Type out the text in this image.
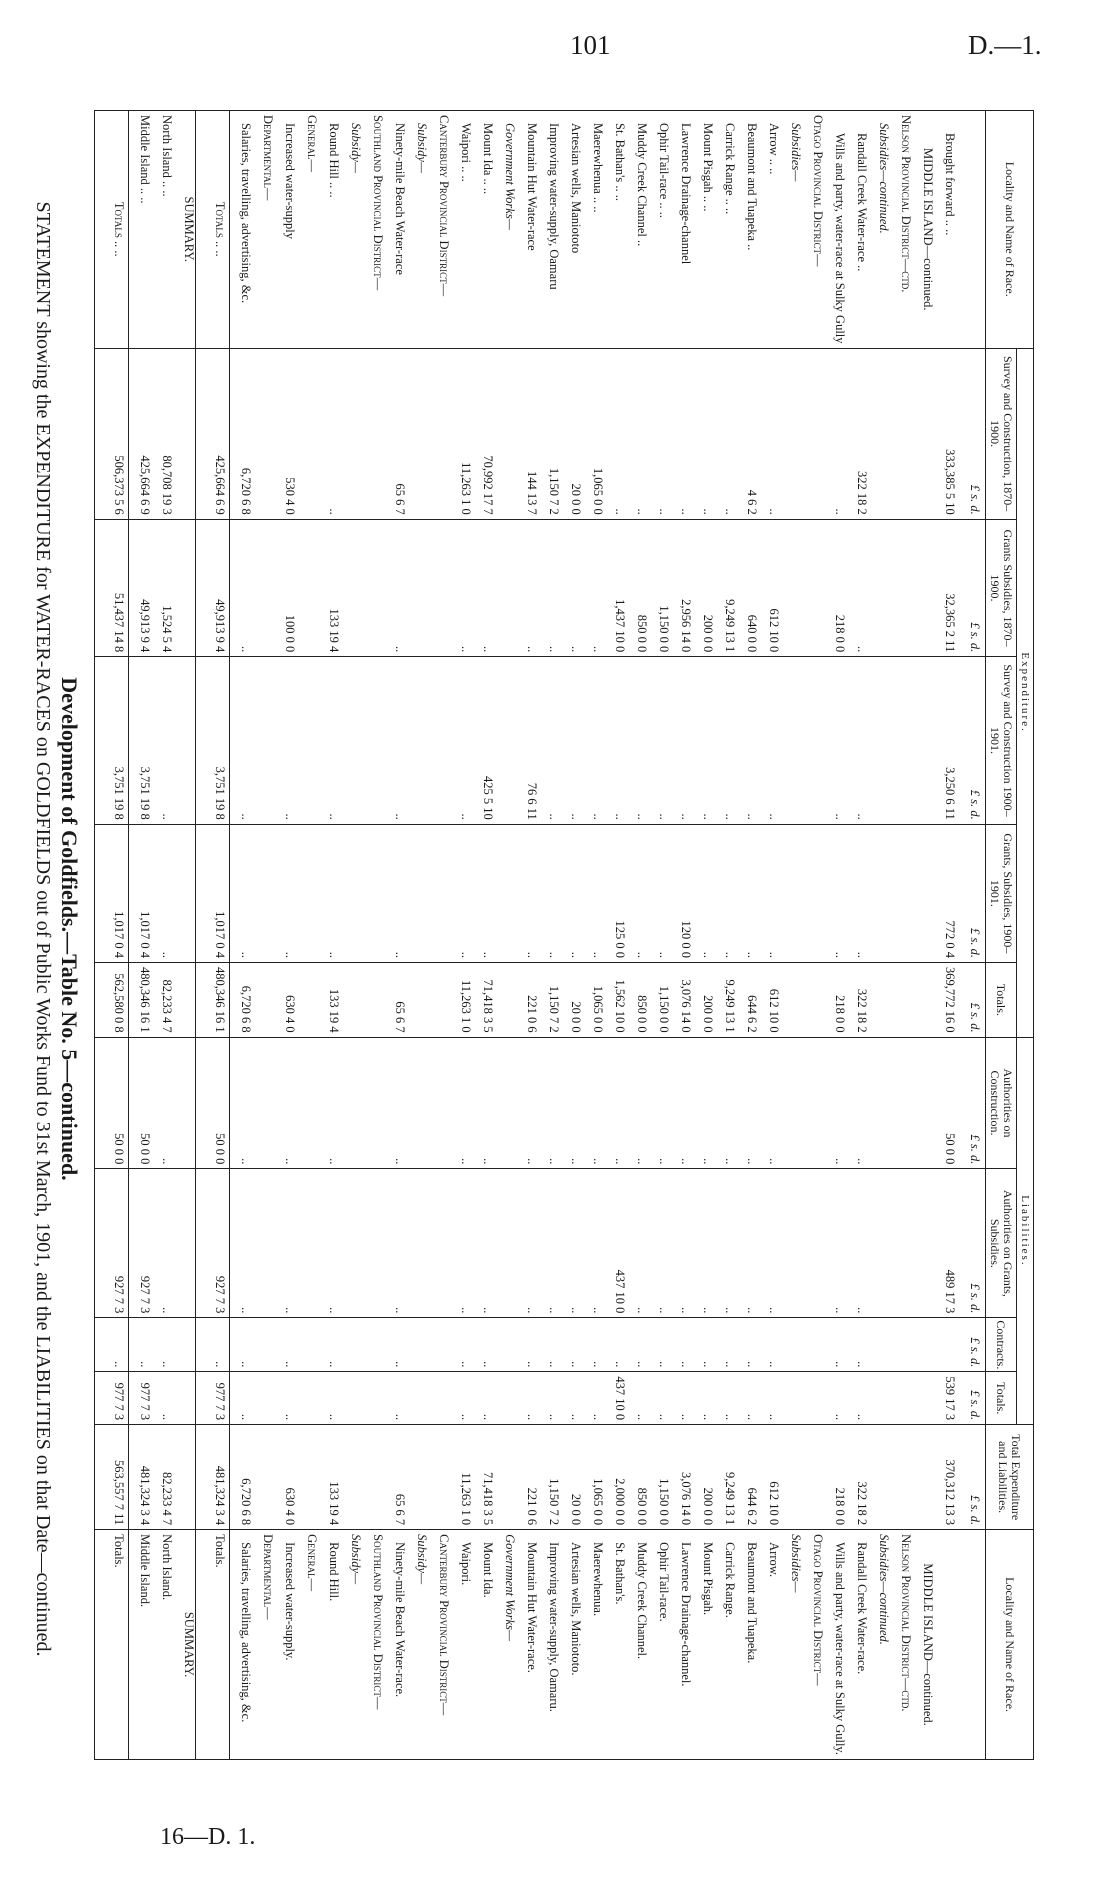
101	D.—1.
16—D. 1.
Development of Goldfields.—Table No. 5—continued.
STATEMENT showing the EXPENDITURE for WATER-RACES on GOLDFIELDS out of Public Works Fund to 31st March, 1901, and the LIABILITIES on that Date—continued.	Locality and Name of Race.	Expenditure.					Liabilities.				Total Expenditure and Liabilities.	Locality and Name of Race.
	Survey and Construction, 1870–1900.	Grants Subsidies, 1870–1900.	Survey and Construction 1900–1901.	Grants, Subsidies, 1900–1901.	Totals.	Authorities on Construction.	Authorities on Grants, Subsidies.	Contracts.	Totals.		
	£ s. d.	£ s. d.	£ s. d.	£ s. d.	£ s. d.	£ s. d.	£ s. d.	£ s. d.	£ s. d.	£ s. d.	
Brought forward .. ..	333,385 5 10	32,365 2 11	3,250 6 11	772 0 4	369,772 16 0	50 0 0	489 17 3		539 17 3	370,312 13 3	
MIDDLE ISLAND—continued.											MIDDLE ISLAND—continued.
Nelson Provincial District—ctd.											Nelson Provincial District—ctd.
Subsidies—continued.											Subsidies—continued.
Randall Creek Water-race ..	322 18 2	..	..	..	322 18 2	..	..	..	..	322 18 2	Randall Creek Water-race.
Wills and party, water-race at Sulky Gully	..	218 0 0	..	..	218 0 0	..	..	..	..	218 0 0	Wills and party, water-race at Sulky Gully.
Otago Provincial District—											Otago Provincial District—
Subsidies—											Subsidies—
Arrow .. ..	..	612 10 0	..	..	612 10 0	..	..	..	..	612 10 0	Arrow.
Beaumont and Tuapeka ..	4 6 2	640 0 0	..	..	644 6 2	..	..	..	..	644 6 2	Beaumont and Tuapeka.
Carrick Range .. ..	..	9,249 13 1	..	..	9,249 13 1	..	..	..	..	9,249 13 1	Carrick Range.
Mount Pisgah .. ..	..	200 0 0	..	..	200 0 0	..	..	..	..	200 0 0	Mount Pisgah.
Lawrence Drainage-channel	..	2,956 14 0	..	120 0 0	3,076 14 0	..	..	..	..	3,076 14 0	Lawrence Drainage-channel.
Ophir Tail-race .. ..	..	1,150 0 0	..	..	1,150 0 0	..	..	..	..	1,150 0 0	Ophir Tail-race.
Muddy Creek Channel ..	..	850 0 0	..	..	850 0 0	..	..	..	..	850 0 0	Muddy Creek Channel.
St. Bathan's .. ..	..	1,437 10 0	..	125 0 0	1,562 10 0	..	437 10 0	..	437 10 0	2,000 0 0	St. Bathan's.
Maerewhenua .. ..	1,065 0 0	..	..	..	1,065 0 0	..	..	..	..	1,065 0 0	Maerewhenua.
Artesian wells, Maniototo	20 0 0	..	..	..	20 0 0	..	..	..	..	20 0 0	Artesian wells, Maniototo.
Improving water-supply, Oamaru	1,150 7 2	..	..	..	1,150 7 2	..	..	..	..	1,150 7 2	Improving water-supply, Oamaru.
Mountain Hut Water-race	144 13 7	..	76 6 11	..	221 0 6	..	..	..	..	221 0 6	Mountain Hut Water-race.
Government Works—											Government Works—
Mount Ida .. ..	70,992 17 7	..	425 5 10	..	71,418 3 5	..	..	..	..	71,418 3 5	Mount Ida.
Waipori .. ..	11,263 1 0	..	..	..	11,263 1 0	..	..	..	..	11,263 1 0	Waipori.
Canterbury Provincial District—											Canterbury Provincial District—
Subsidy—											Subsidy—
Ninety-mile Beach Water-race	65 6 7	..	..	..	65 6 7	..	..	..	..	65 6 7	Ninety-mile Beach Water-race.
Southland Provincial District—											Southland Provincial District—
Subsidy—											Subsidy—
Round Hill .. ..	..	133 19 4	..	..	133 19 4	..	..	..	..	133 19 4	Round Hill.
General—											General—
Increased water-supply	530 4 0	100 0 0	..	..	630 4 0	..	..	..	..	630 4 0	Increased water-supply.
Departmental—											Departmental—
Salaries, travelling, advertising, &c.	6,720 6 8	..	..	..	6,720 6 8	..	..	..	..	6,720 6 8	Salaries, travelling, advertising, &c.
Totals .. ..	425,664 6 9	49,913 9 4	3,751 19 8	1,017 0 4	480,346 16 1	50 0 0	927 7 3	..	977 7 3	481,324 3 4	Totals.
SUMMARY.											SUMMARY.
North Island .. ..	80,708 19 3	1,524 5 4	..	..	82,233 4 7	..	..	..	..	82,233 4 7	North Island.
Middle Island .. ..	425,664 6 9	49,913 9 4	3,751 19 8	1,017 0 4	480,346 16 1	50 0 0	927 7 3	..	977 7 3	481,324 3 4	Middle Island.
Totals .. ..	506,373 5 6	51,437 14 8	3,751 19 8	1,017 0 4	562,580 0 8	50 0 0	927 7 3	..	977 7 3	563,557 7 11	Totals.
